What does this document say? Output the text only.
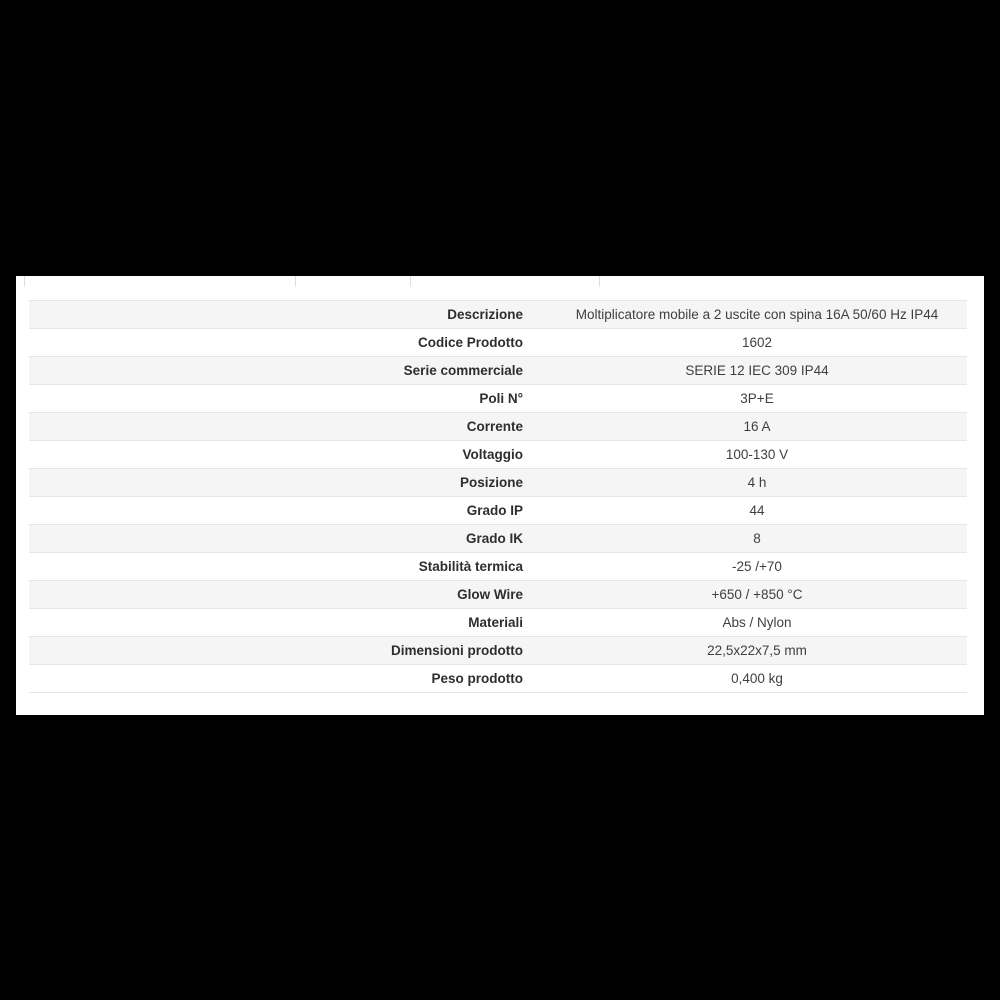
Descrizione	Moltiplicatore mobile a 2 uscite con spina 16A 50/60 Hz IP44
Codice Prodotto	1602
Serie commerciale	SERIE 12 IEC 309 IP44
Poli N°	3P+E
Corrente	16 A
Voltaggio	100-130 V
Posizione	4 h
Grado IP	44
Grado IK	8
Stabilità termica	-25 /+70
Glow Wire	+650 / +850 °C
Materiali	Abs / Nylon
Dimensioni prodotto	22,5x22x7,5 mm
Peso prodotto	0,400 kg
